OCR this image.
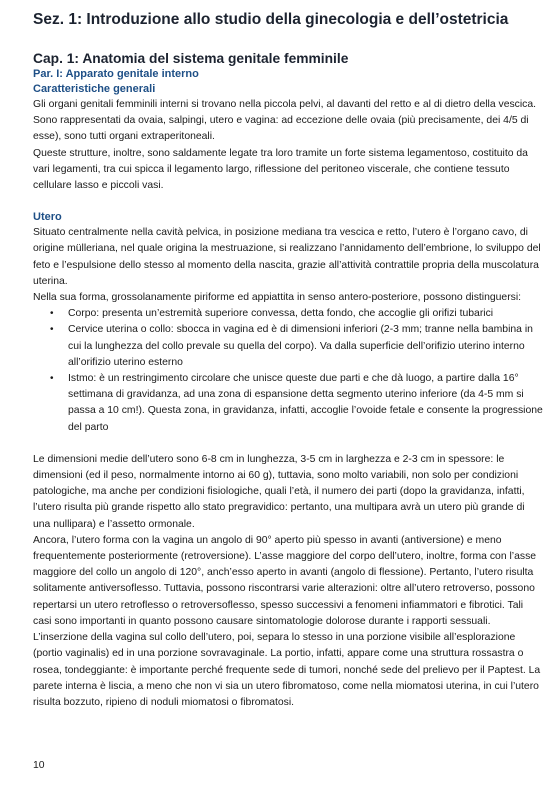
Sez. 1: Introduzione allo studio della ginecologia e dell’ostetricia
Cap. 1: Anatomia del sistema genitale femminile
Par. I: Apparato genitale interno
Caratteristiche generali

Gli organi genitali femminili interni si trovano nella piccola pelvi, al davanti del retto e al di dietro della vescica. Sono rappresentati da ovaia, salpingi, utero e vagina: ad eccezione delle ovaia (più precisamente, dei 4/5 di esse), sono tutti organi extraperitoneali.

Queste strutture, inoltre, sono saldamente legate tra loro tramite un forte sistema legamentoso, costituito da vari legamenti, tra cui spicca il legamento largo, riflessione del peritoneo viscerale, che contiene tessuto cellulare lasso e piccoli vasi.

Utero

Situato centralmente nella cavità pelvica, in posizione mediana tra vescica e retto, l’utero è l’organo cavo, di origine mülleriana, nel quale origina la mestruazione, si realizzano l’annidamento dell’embrione, lo sviluppo del feto e l’espulsione dello stesso al momento della nascita, grazie all’attività contrattile propria della muscolatura uterina.

Nella sua forma, grossolanamente piriforme ed appiattita in senso antero-posteriore, possono distinguersi:

• Corpo: presenta un’estremità superiore convessa, detta fondo, che accoglie gli orifizi tubarici
• Cervice uterina o collo: sbocca in vagina ed è di dimensioni inferiori (2-3 mm; tranne nella bambina in cui la lunghezza del collo prevale su quella del corpo). Va dalla superficie dell’orifizio uterino interno all’orifizio uterino esterno
• Istmo: è un restringimento circolare che unisce queste due parti e che dà luogo, a partire dalla 16° settimana di gravidanza, ad una zona di espansione detta segmento uterino inferiore (da 4-5 mm si passa a 10 cm!). Questa zona, in gravidanza, infatti, accoglie l’ovoide fetale e consente la progressione del parto

Le dimensioni medie dell’utero sono 6-8 cm in lunghezza, 3-5 cm in larghezza e 2-3 cm in spessore: le dimensioni (ed il peso, normalmente intorno ai 60 g), tuttavia, sono molto variabili, non solo per condizioni patologiche, ma anche per condizioni fisiologiche, quali l’età, il numero dei parti (dopo la gravidanza, infatti, l’utero risulta più grande rispetto allo stato pregravidico: pertanto, una multipara avrà un utero più grande di una nullipara) e l’assetto ormonale.

Ancora, l’utero forma con la vagina un angolo di 90° aperto più spesso in avanti (antiversione) e meno frequentemente posteriormente (retroversione). L’asse maggiore del corpo dell’utero, inoltre, forma con l’asse maggiore del collo un angolo di 120°, anch’esso aperto in avanti (angolo di flessione). Pertanto, l’utero risulta solitamente antiversoflesso. Tuttavia, possono riscontrarsi varie alterazioni: oltre all’utero retroverso, possono repertarsi un utero retroflesso o retroversoflesso, spesso successivi a fenomeni infiammatori e fibrotici. Tali casi sono importanti in quanto possono causare sintomatologie dolorose durante i rapporti sessuali.

L’inserzione della vagina sul collo dell’utero, poi, separa lo stesso in una porzione visibile all’esplorazione (portio vaginalis) ed in una porzione sovravaginale. La portio, infatti, appare come una struttura rossastra o rosea, tondeggiante: è importante perché frequente sede di tumori, nonché sede del prelievo per il Paptest. La parete interna è liscia, a meno che non vi sia un utero fibromatoso, come nella miomatosi uterina, in cui l’utero risulta bozzuto, ripieno di noduli miomatosi o fibromatosi.

10
